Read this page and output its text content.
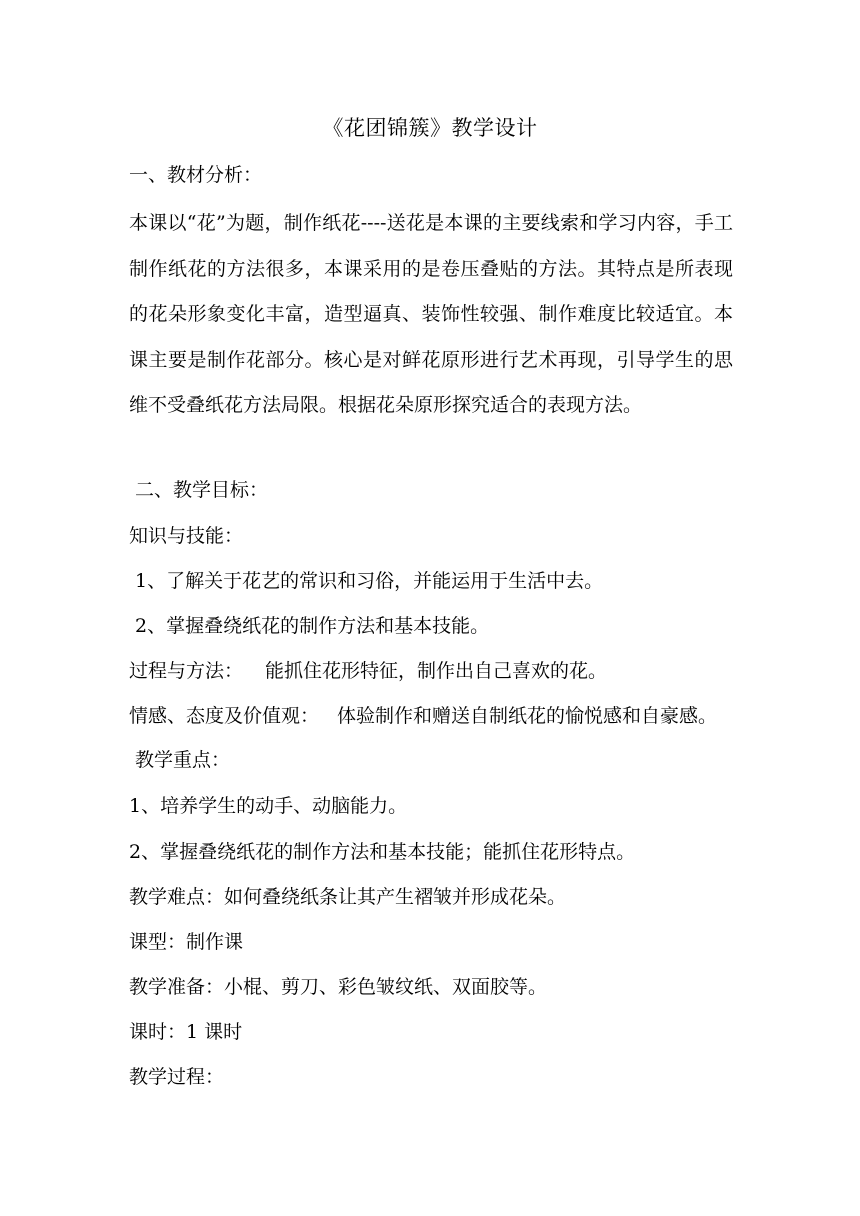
《花团锦簇》教学设计
一、教材分析：
本课以“花”为题，制作纸花----送花是本课的主要线索和学习内容，手工制作纸花的方法很多，本课采用的是卷压叠贴的方法。其特点是所表现的花朵形象变化丰富，造型逼真、装饰性较强、制作难度比较适宜。本课主要是制作花部分。核心是对鲜花原形进行艺术再现，引导学生的思维不受叠纸花方法局限。根据花朵原形探究适合的表现方法。
二、教学目标：
知识与技能：
1、了解关于花艺的常识和习俗，并能运用于生活中去。
2、掌握叠绕纸花的制作方法和基本技能。
过程与方法： 能抓住花形特征，制作出自己喜欢的花。
情感、态度及价值观： 体验制作和赠送自制纸花的愉悦感和自豪感。
教学重点：
1、培养学生的动手、动脑能力。
2、掌握叠绕纸花的制作方法和基本技能；能抓住花形特点。
教学难点：如何叠绕纸条让其产生褶皱并形成花朵。
课型：制作课
教学准备：小棍、剪刀、彩色皱纹纸、双面胶等。
课时：1 课时
教学过程：
